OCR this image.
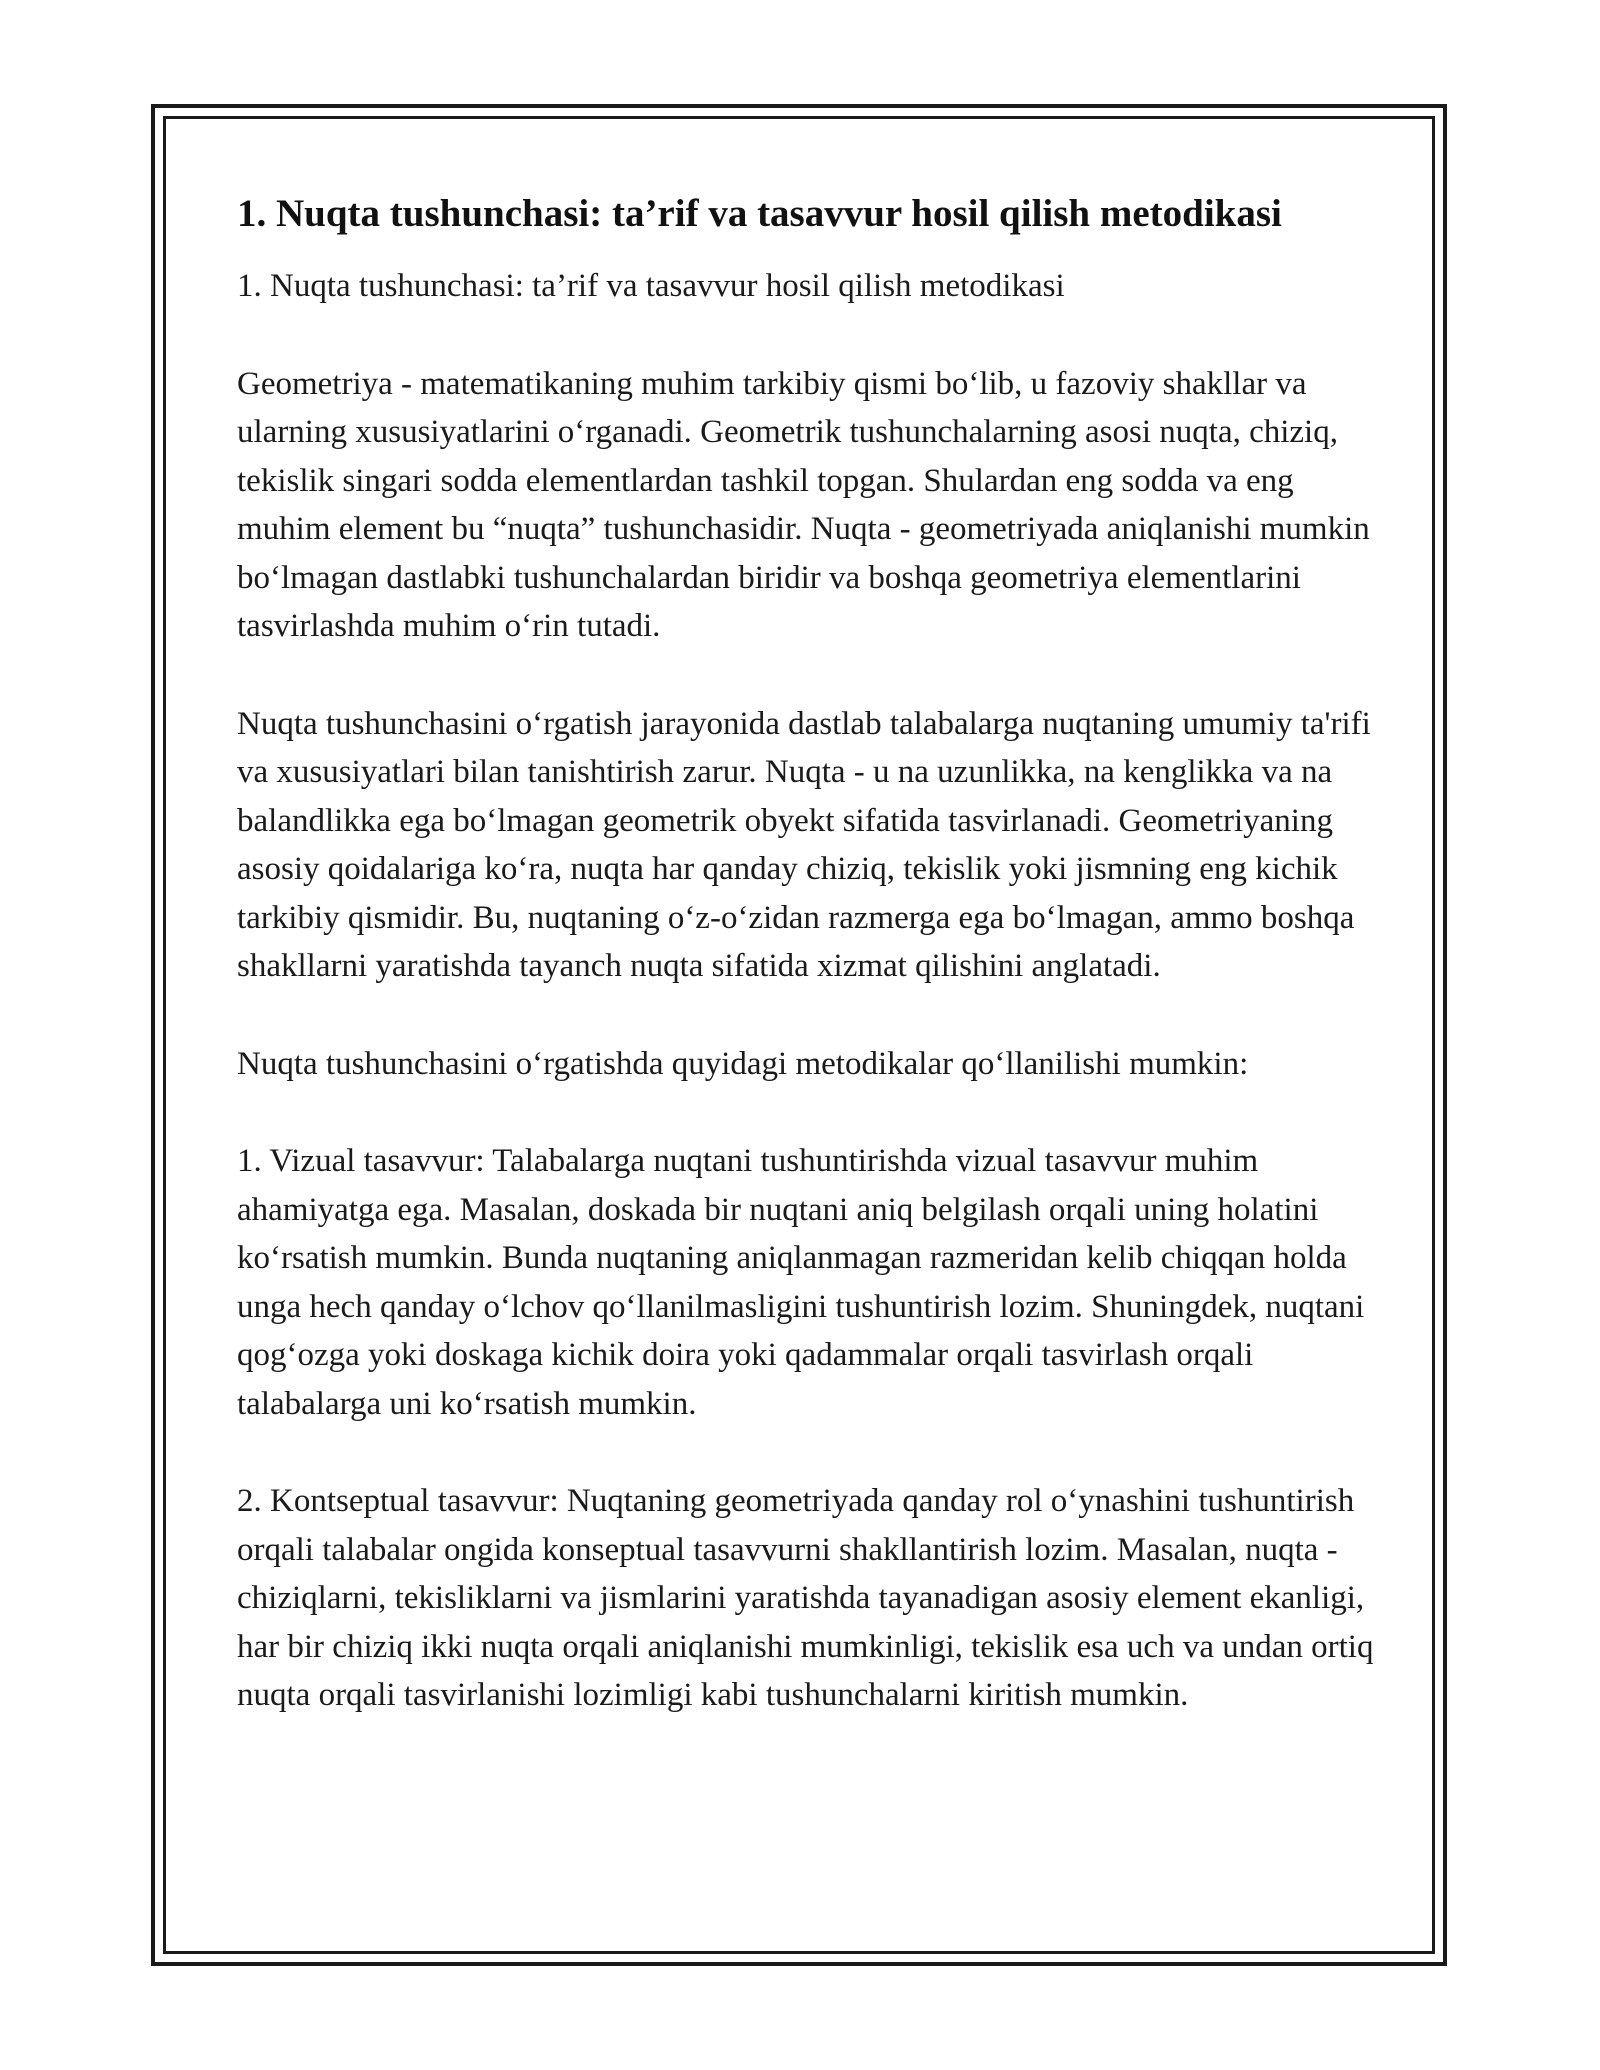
1. Nuqta tushunchasi: ta’rif va tasavvur hosil qilish metodikasi

1. Nuqta tushunchasi: ta’rif va tasavvur hosil qilish metodikasi

Geometriya - matematikaning muhim tarkibiy qismi bo‘lib, u fazoviy shakllar va ularning xususiyatlarini o‘rganadi. Geometrik tushunchalarning asosi nuqta, chiziq, tekislik singari sodda elementlardan tashkil topgan. Shulardan eng sodda va eng muhim element bu “nuqta” tushunchasidir. Nuqta - geometriyada aniqlanishi mumkin bo‘lmagan dastlabki tushunchalardan biridir va boshqa geometriya elementlarini tasvirlashda muhim o‘rin tutadi.

Nuqta tushunchasini o‘rgatish jarayonida dastlab talabalarga nuqtaning umumiy ta'rifi va xususiyatlari bilan tanishtirish zarur. Nuqta - u na uzunlikka, na kenglikka va na balandlikka ega bo‘lmagan geometrik obyekt sifatida tasvirlanadi. Geometriyaning asosiy qoidalariga ko‘ra, nuqta har qanday chiziq, tekislik yoki jismning eng kichik tarkibiy qismidir. Bu, nuqtaning o‘z-o‘zidan razmerga ega bo‘lmagan, ammo boshqa shakllarni yaratishda tayanch nuqta sifatida xizmat qilishini anglatadi.

Nuqta tushunchasini o‘rgatishda quyidagi metodikalar qo‘llanilishi mumkin:

1. Vizual tasavvur: Talabalarga nuqtani tushuntirishda vizual tasavvur muhim ahamiyatga ega. Masalan, doskada bir nuqtani aniq belgilash orqali uning holatini ko‘rsatish mumkin. Bunda nuqtaning aniqlanmagan razmeridan kelib chiqqan holda unga hech qanday o‘lchov qo‘llanilmasligini tushuntirish lozim. Shuningdek, nuqtani qog‘ozga yoki doskaga kichik doira yoki qadammalar orqali tasvirlash orqali talabalarga uni ko‘rsatish mumkin.

2. Kontseptual tasavvur: Nuqtaning geometriyada qanday rol o‘ynashini tushuntirish orqali talabalar ongida konseptual tasavvurni shakllantirish lozim. Masalan, nuqta - chiziqlarni, tekisliklarni va jismlarini yaratishda tayanadigan asosiy element ekanligi, har bir chiziq ikki nuqta orqali aniqlanishi mumkinligi, tekislik esa uch va undan ortiq nuqta orqali tasvirlanishi lozimligi kabi tushunchalarni kiritish mumkin.
